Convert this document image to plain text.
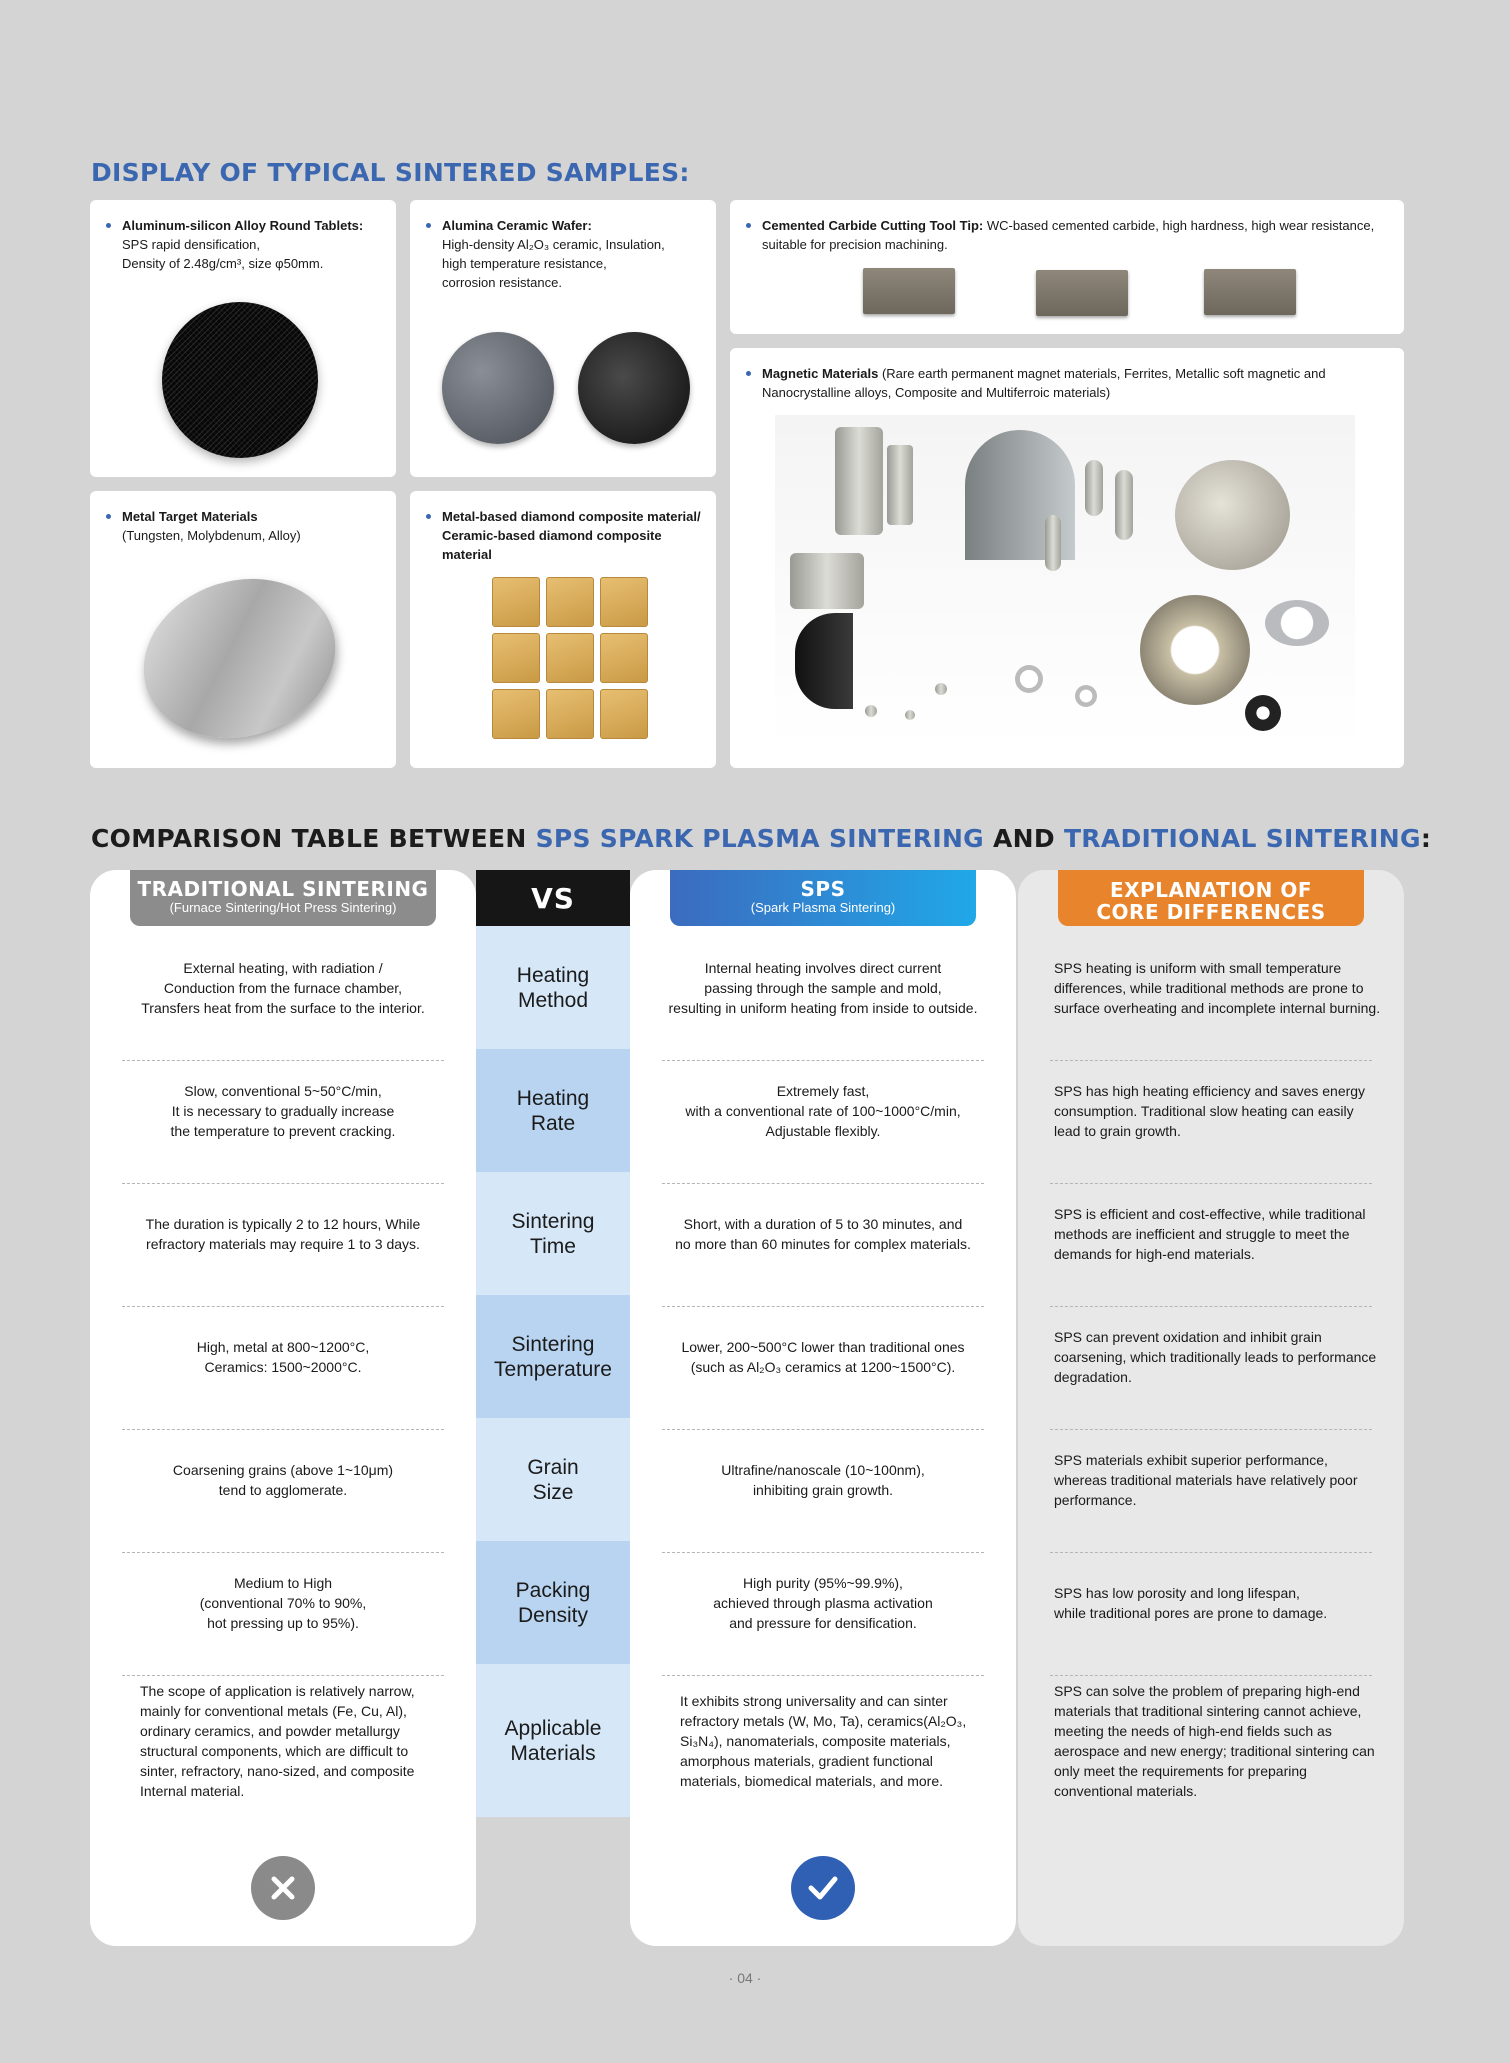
DISPLAY OF TYPICAL SINTERED SAMPLES:
Aluminum-silicon Alloy Round Tablets:
SPS rapid densification,
Density of 2.48g/cm³, size φ50mm.
Alumina Ceramic Wafer:
High-density Al₂O₃ ceramic, Insulation,
high temperature resistance,
corrosion resistance.
Cemented Carbide Cutting Tool Tip: WC-based cemented carbide, high hardness, high wear resistance, suitable for precision machining.
Magnetic Materials (Rare earth permanent magnet materials, Ferrites, Metallic soft magnetic and Nanocrystalline alloys, Composite and Multiferroic materials)
Metal Target Materials
(Tungsten, Molybdenum, Alloy)
Metal-based diamond composite material/
Ceramic-based diamond composite
material
COMPARISON TABLE BETWEEN SPS SPARK PLASMA SINTERING AND TRADITIONAL SINTERING:
TRADITIONAL SINTERING
(Furnace Sintering/Hot Press Sintering)
External heating, with radiation /
Conduction from the furnace chamber,
Transfers heat from the surface to the interior.
Slow, conventional 5~50°C/min,
It is necessary to gradually increase
the temperature to prevent cracking.
The duration is typically 2 to 12 hours, While
refractory materials may require 1 to 3 days.
High, metal at 800~1200°C,
Ceramics: 1500~2000°C.
Coarsening grains (above 1~10μm)
tend to agglomerate.
Medium to High
(conventional 70% to 90%,
hot pressing up to 95%).
The scope of application is relatively narrow, mainly for conventional metals (Fe, Cu, Al), ordinary ceramics, and powder metallurgy structural components, which are difficult to sinter, refractory, nano-sized, and composite Internal material.
VS
Heating
Method
Heating
Rate
Sintering
Time
Sintering
Temperature
Grain
Size
Packing
Density
Applicable
Materials
SPS
(Spark Plasma Sintering)
Internal heating involves direct current
passing through the sample and mold,
resulting in uniform heating from inside to outside.
Extremely fast,
with a conventional rate of 100~1000°C/min,
Adjustable flexibly.
Short, with a duration of 5 to 30 minutes, and
no more than 60 minutes for complex materials.
Lower, 200~500°C lower than traditional ones
(such as Al₂O₃ ceramics at 1200~1500°C).
Ultrafine/nanoscale (10~100nm),
inhibiting grain growth.
High purity (95%~99.9%),
achieved through plasma activation
and pressure for densification.
It exhibits strong universality and can sinter refractory metals (W, Mo, Ta), ceramics(Al₂O₃, Si₃N₄), nanomaterials, composite materials, amorphous materials, gradient functional materials, biomedical materials, and more.
EXPLANATION OF
CORE DIFFERENCES
SPS heating is uniform with small temperature differences, while traditional methods are prone to surface overheating and incomplete internal burning.
SPS has high heating efficiency and saves energy consumption. Traditional slow heating can easily lead to grain growth.
SPS is efficient and cost-effective, while traditional methods are inefficient and struggle to meet the demands for high-end materials.
SPS can prevent oxidation and inhibit grain coarsening, which traditionally leads to performance degradation.
SPS materials exhibit superior performance, whereas traditional materials have relatively poor performance.
SPS has low porosity and long lifespan,
while traditional pores are prone to damage.
SPS can solve the problem of preparing high-end materials that traditional sintering cannot achieve, meeting the needs of high-end fields such as aerospace and new energy; traditional sintering can only meet the requirements for preparing conventional materials.
· 04 ·
